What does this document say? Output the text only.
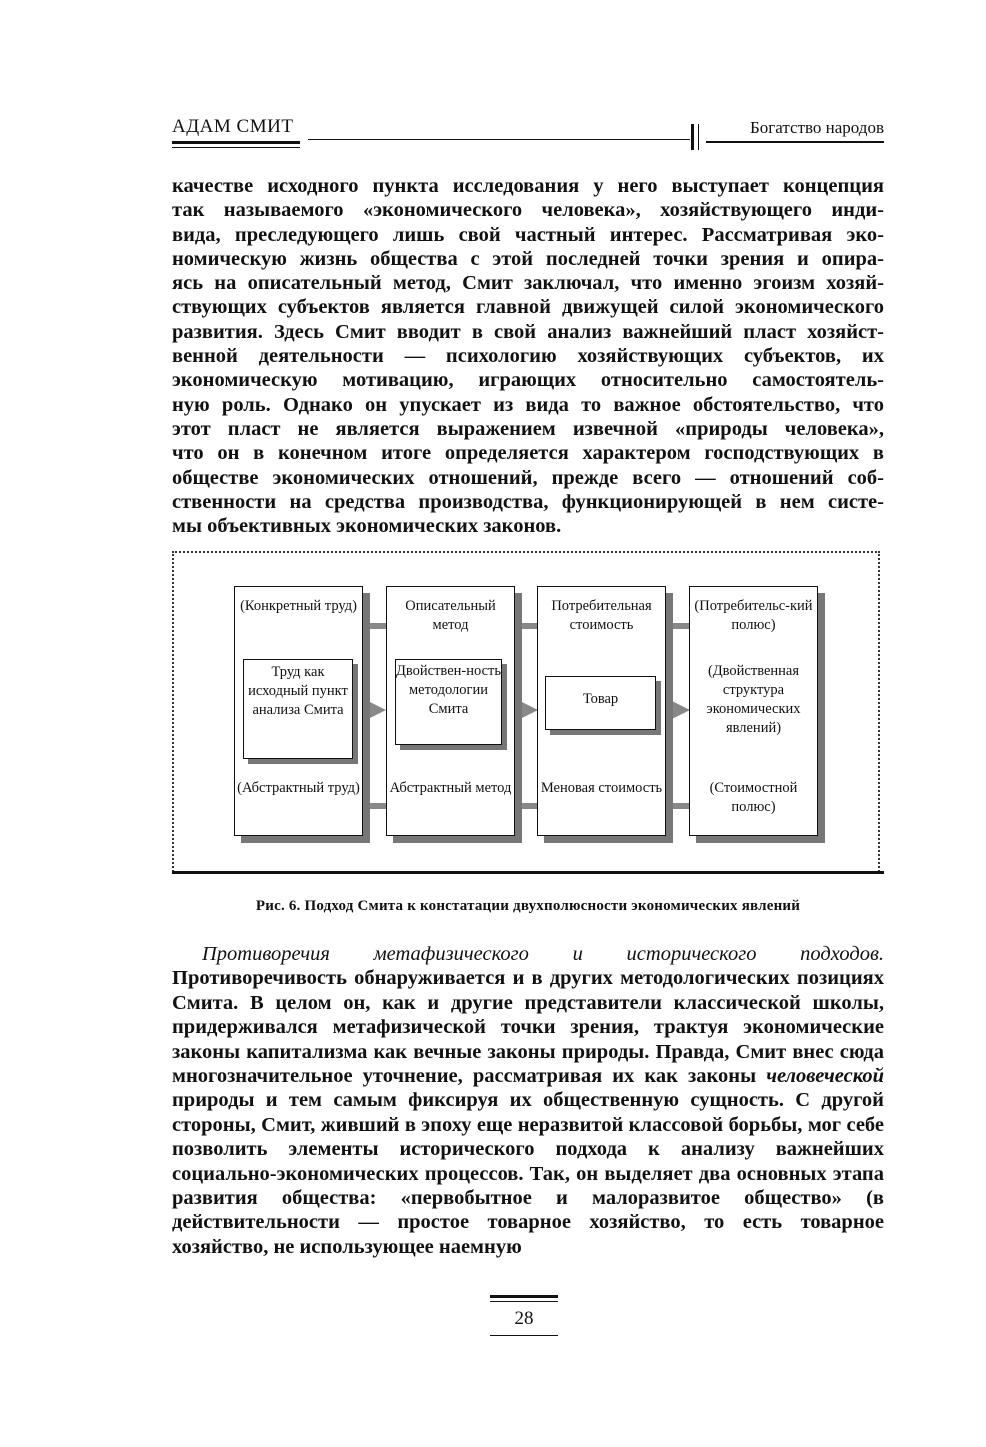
АДАМ СМИТ	Богатство народов
качестве исходного пункта исследования у него выступает концепция
так называемого «экономического человека», хозяйствующего инди-
вида, преследующего лишь свой частный интерес. Рассматривая эко-
номическую жизнь общества с этой последней точки зрения и опира-
ясь на описательный метод, Смит заключал, что именно эгоизм хозяй-
ствующих субъектов является главной движущей силой экономического
развития. Здесь Смит вводит в свой анализ важнейший пласт хозяйст-
венной деятельности — психологию хозяйствующих субъектов, их
экономическую мотивацию, играющих относительно самостоятель-
ную роль. Однако он упускает из вида то важное обстоятельство, что
этот пласт не является выражением извечной «природы человека»,
что он в конечном итоге определяется характером господствующих в
обществе экономических отношений, прежде всего — отношений соб-
ственности на средства производства, функционирующей в нем систе-
мы объективных экономических законов.
(Конкретный труд)
Труд как исходный пункт анализа Смита
(Абстрактный труд)
Описательный метод
Двойствен-ность методологии Смита
Абстрактный метод
Потребительная стоимость
Товар
Меновая стоимость
(Потребительс-кий полюс)
(Двойственная структура экономических явлений)
(Стоимостной полюс)
Рис. 6. Подход Смита к констатации двухполюсности экономических явлений

Противоречия метафизического и исторического подходов. Противоречивость обнаруживается и в других методологических позициях Смита. В целом он, как и другие представители классической школы, придерживался метафизической точки зрения, трактуя экономические законы капитализма как вечные законы природы. Правда, Смит внес сюда многозначительное уточнение, рассматривая их как законы человеческой природы и тем самым фиксируя их общественную сущность. С другой стороны, Смит, живший в эпоху еще неразвитой классовой борьбы, мог себе позволить элементы исторического подхода к анализу важнейших социально-экономических процессов. Так, он выделяет два основных этапа развития общества: «первобытное и малоразвитое общество» (в действительности — простое товарное хозяйство, то есть товарное хозяйство, не использующее наемную

28
